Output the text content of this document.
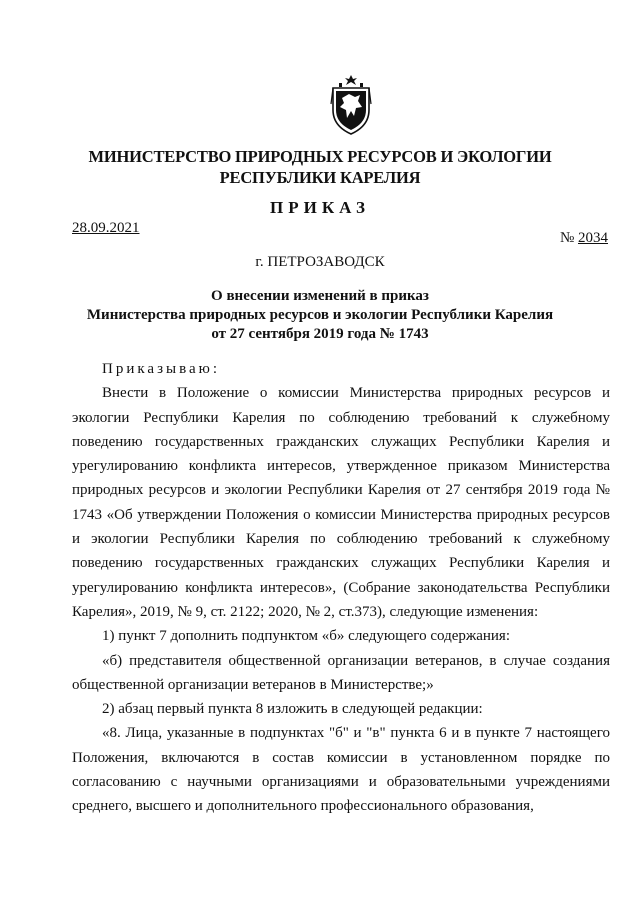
МИНИСТЕРСТВО ПРИРОДНЫХ РЕСУРСОВ И ЭКОЛОГИИ
РЕСПУБЛИКИ КАРЕЛИЯ
ПРИКАЗ
28.09.2021
№ 2034
г. ПЕТРОЗАВОДСК
О внесении изменений в приказ
Министерства природных ресурсов и экологии Республики Карелия
от 27 сентября 2019 года № 1743

Приказываю:

Внести в Положение о комиссии Министерства природных ресурсов и экологии Республики Карелия по соблюдению требований к служебному поведению государственных гражданских служащих Республики Карелия и урегулированию конфликта интересов, утвержденное приказом Министерства природных ресурсов и экологии Республики Карелия от 27 сентября 2019 года № 1743 «Об утверждении Положения о комиссии Министерства природных ресурсов и экологии Республики Карелия по соблюдению требований к служебному поведению государственных гражданских служащих Республики Карелия и урегулированию конфликта интересов», (Собрание законодательства Республики Карелия», 2019, № 9, ст. 2122; 2020, № 2, ст.373), следующие изменения:

1) пункт 7 дополнить подпунктом «б» следующего содержания:

«б) представителя общественной организации ветеранов, в случае создания общественной организации ветеранов в Министерстве;»

2) абзац первый пункта 8 изложить в следующей редакции:

«8. Лица, указанные в подпунктах "б" и "в" пункта 6 и в пункте 7 настоящего Положения, включаются в состав комиссии в установленном порядке по согласованию с научными организациями и образовательными учреждениями среднего, высшего и дополнительного профессионального образования,
